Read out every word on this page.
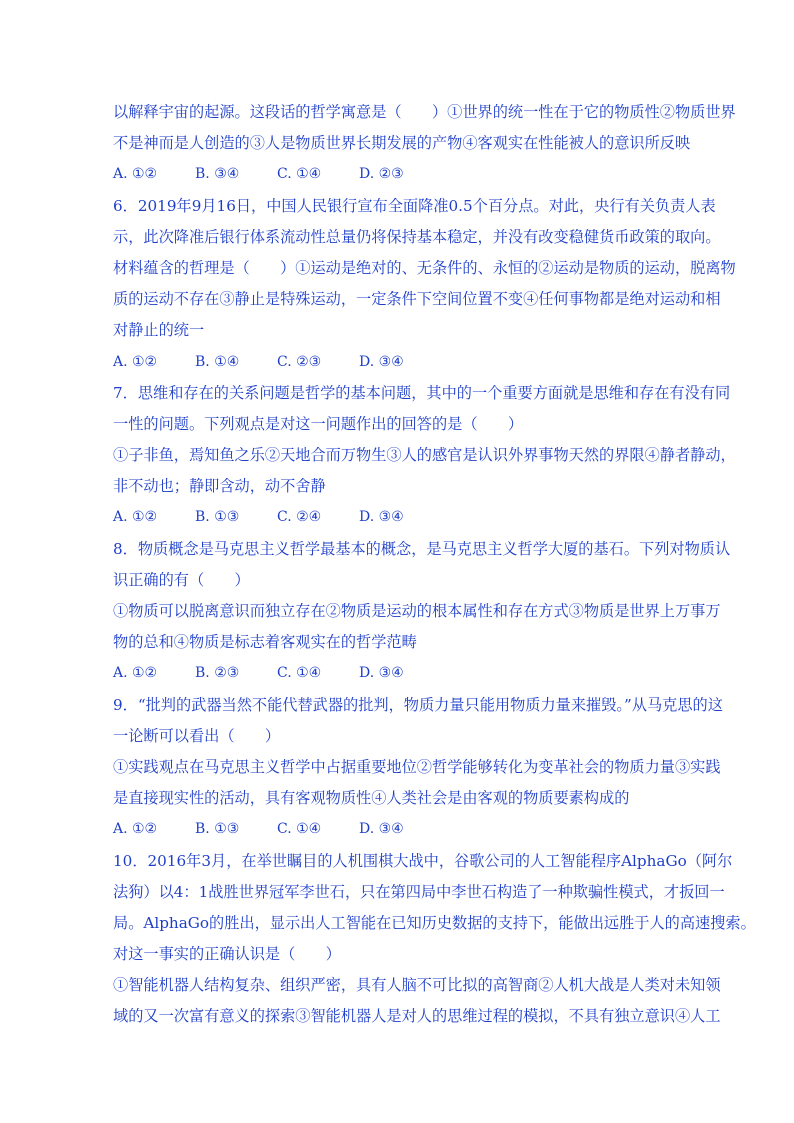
以解释宇宙的起源。这段话的哲学寓意是（　　）①世界的统一性在于它的物质性②物质世界
不是神而是人创造的③人是物质世界长期发展的产物④客观实在性能被人的意识所反映
A. ①②	B. ③④	C. ①④	D. ②③
6．2019年9月16日，中国人民银行宣布全面降准0.5个百分点。对此，央行有关负责人表
示，此次降准后银行体系流动性总量仍将保持基本稳定，并没有改变稳健货币政策的取向。
材料蕴含的哲理是（　　）①运动是绝对的、无条件的、永恒的②运动是物质的运动，脱离物
质的运动不存在③静止是特殊运动，一定条件下空间位置不变④任何事物都是绝对运动和相
对静止的统一
A. ①②	B. ①④	C. ②③	D. ③④
7．思维和存在的关系问题是哲学的基本问题，其中的一个重要方面就是思维和存在有没有同
一性的问题。下列观点是对这一问题作出的回答的是（　　）
①子非鱼，焉知鱼之乐②天地合而万物生③人的感官是认识外界事物天然的界限④静者静动，
非不动也；静即含动，动不舍静
A. ①②	B. ①③	C. ②④	D. ③④
8．物质概念是马克思主义哲学最基本的概念，是马克思主义哲学大厦的基石。下列对物质认
识正确的有（　　）
①物质可以脱离意识而独立存在②物质是运动的根本属性和存在方式③物质是世界上万事万
物的总和④物质是标志着客观实在的哲学范畴
A. ①②	B. ②③	C. ①④	D. ③④
9．“批判的武器当然不能代替武器的批判，物质力量只能用物质力量来摧毁。”从马克思的这
一论断可以看出（　　）
①实践观点在马克思主义哲学中占据重要地位②哲学能够转化为变革社会的物质力量③实践
是直接现实性的活动，具有客观物质性④人类社会是由客观的物质要素构成的
A. ①②	B. ①③	C. ①④	D. ③④
10．2016年3月，在举世瞩目的人机围棋大战中，谷歌公司的人工智能程序AlphaGo（阿尔
法狗）以4：1战胜世界冠军李世石，只在第四局中李世石构造了一种欺骗性模式，才扳回一
局。AlphaGo的胜出，显示出人工智能在已知历史数据的支持下，能做出远胜于人的高速搜索。
对这一事实的正确认识是（　　）
①智能机器人结构复杂、组织严密，具有人脑不可比拟的高智商②人机大战是人类对未知领
域的又一次富有意义的探索③智能机器人是对人的思维过程的模拟，不具有独立意识④人工
